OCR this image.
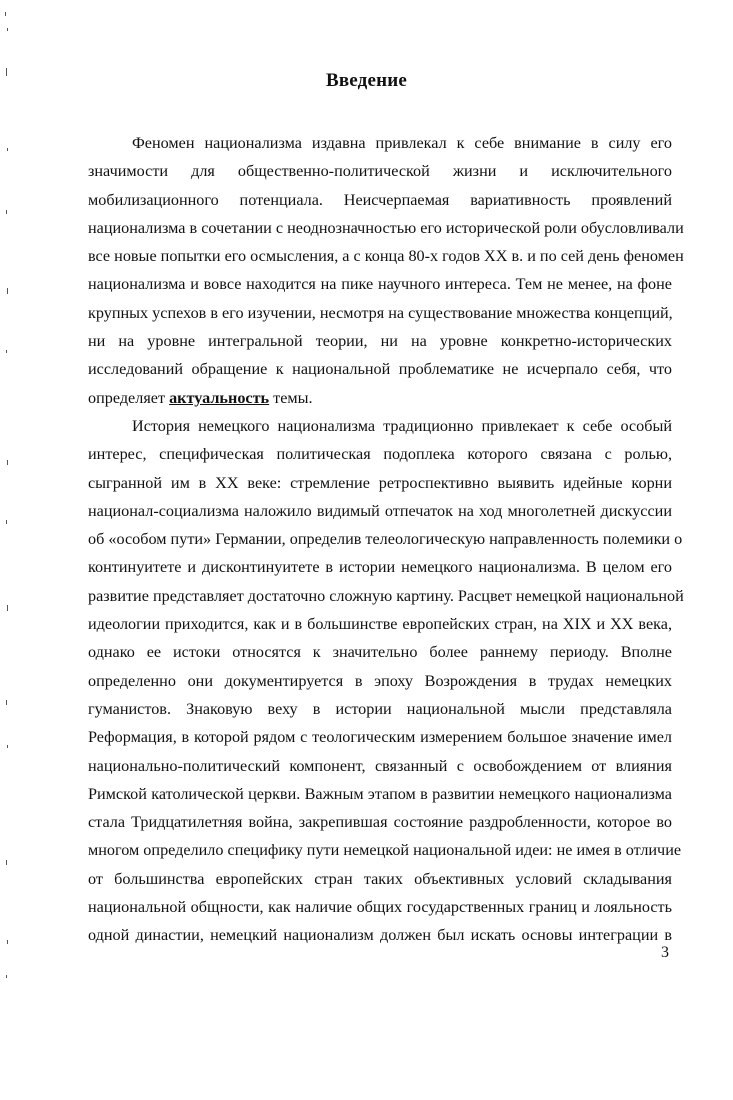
Введение
Феномен национализма издавна привлекал к себе внимание в силу его
значимости для общественно-политической жизни и исключительного
мобилизационного потенциала. Неисчерпаемая вариативность проявлений
национализма в сочетании с неоднозначностью его исторической роли обусловливали
все новые попытки его осмысления, а с конца 80-х годов XX в. и по сей день феномен
национализма и вовсе находится на пике научного интереса. Тем не менее, на фоне
крупных успехов в его изучении, несмотря на существование множества концепций,
ни на уровне интегральной теории, ни на уровне конкретно-исторических
исследований обращение к национальной проблематике не исчерпало себя, что
определяет актуальность темы.
История немецкого национализма традиционно привлекает к себе особый
интерес, специфическая политическая подоплека которого связана с ролью,
сыгранной им в XX веке: стремление ретроспективно выявить идейные корни
национал-социализма наложило видимый отпечаток на ход многолетней дискуссии
об «особом пути» Германии, определив телеологическую направленность полемики о
континуитете и дисконтинуитете в истории немецкого национализма. В целом его
развитие представляет достаточно сложную картину. Расцвет немецкой национальной
идеологии приходится, как и в большинстве европейских стран, на XIX и XX века,
однако ее истоки относятся к значительно более раннему периоду. Вполне
определенно они документируется в эпоху Возрождения в трудах немецких
гуманистов. Знаковую веху в истории национальной мысли представляла
Реформация, в которой рядом с теологическим измерением большое значение имел
национально-политический компонент, связанный с освобождением от влияния
Римской католической церкви. Важным этапом в развитии немецкого национализма
стала Тридцатилетняя война, закрепившая состояние раздробленности, которое во
многом определило специфику пути немецкой национальной идеи: не имея в отличие
от большинства европейских стран таких объективных условий складывания
национальной общности, как наличие общих государственных границ и лояльность
одной династии, немецкий национализм должен был искать основы интеграции в
3
